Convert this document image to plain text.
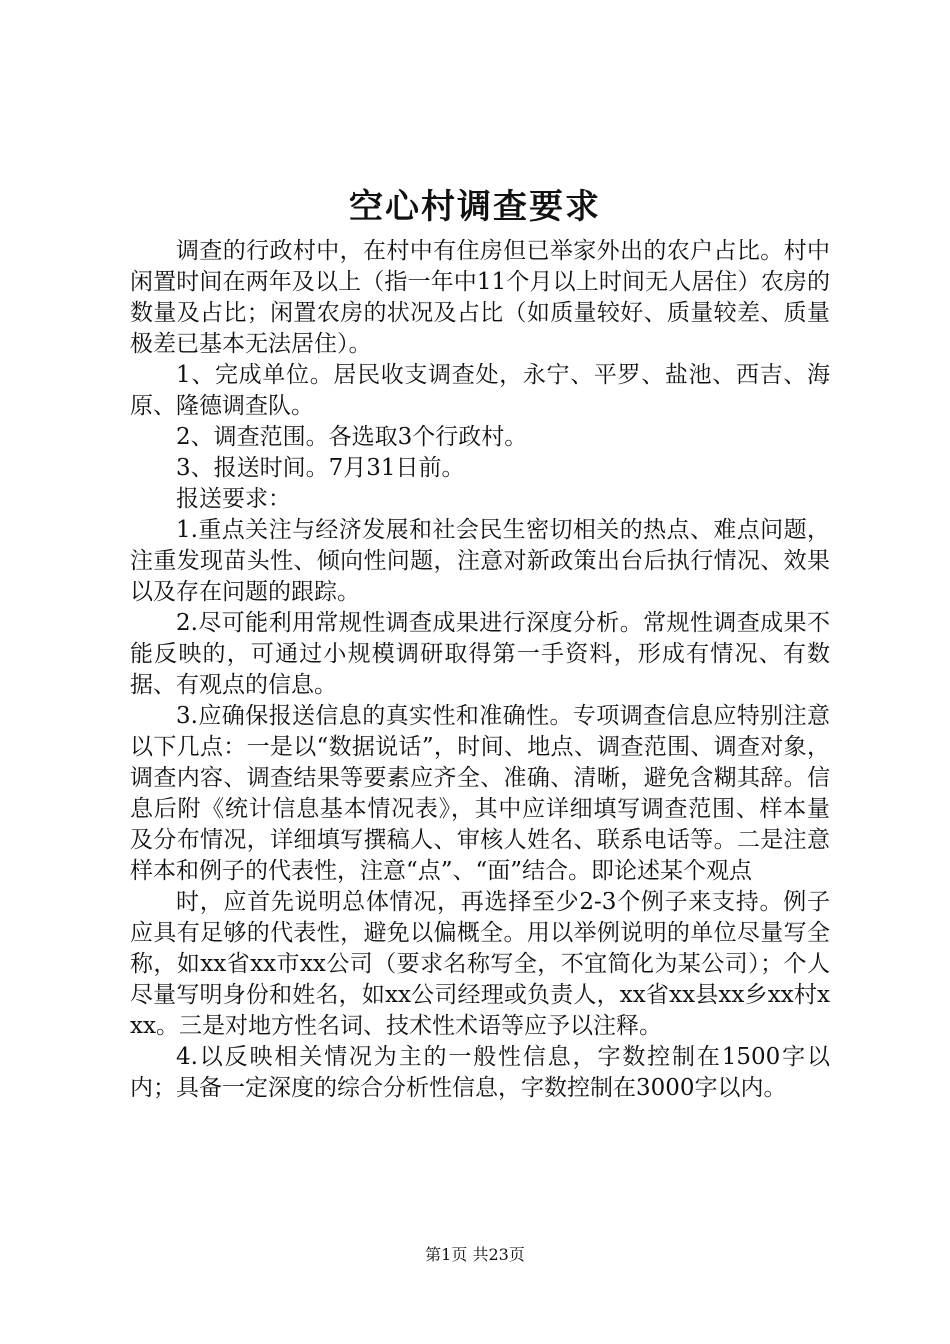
空心村调查要求

调查的行政村中，在村中有住房但已举家外出的农户占比。村中闲置时间在两年及以上（指一年中11个月以上时间无人居住）农房的数量及占比；闲置农房的状况及占比（如质量较好、质量较差、质量极差已基本无法居住）。

1、完成单位。居民收支调查处，永宁、平罗、盐池、西吉、海原、隆德调查队。

2、调查范围。各选取3个行政村。

3、报送时间。7月31日前。

报送要求：

1.重点关注与经济发展和社会民生密切相关的热点、难点问题，注重发现苗头性、倾向性问题，注意对新政策出台后执行情况、效果以及存在问题的跟踪。

2.尽可能利用常规性调查成果进行深度分析。常规性调查成果不能反映的，可通过小规模调研取得第一手资料，形成有情况、有数据、有观点的信息。

3.应确保报送信息的真实性和准确性。专项调查信息应特别注意以下几点：一是以“数据说话”，时间、地点、调查范围、调查对象，调查内容、调查结果等要素应齐全、准确、清晰，避免含糊其辞。信息后附《统计信息基本情况表》，其中应详细填写调查范围、样本量及分布情况，详细填写撰稿人、审核人姓名、联系电话等。二是注意样本和例子的代表性，注意“点”、“面”结合。即论述某个观点

时，应首先说明总体情况，再选择至少2-3个例子来支持。例子应具有足够的代表性，避免以偏概全。用以举例说明的单位尽量写全称，如xx省xx市xx公司（要求名称写全，不宜简化为某公司）；个人尽量写明身份和姓名，如xx公司经理或负责人，xx省xx县xx乡xx村xxx。三是对地方性名词、技术性术语等应予以注释。

4.以反映相关情况为主的一般性信息，字数控制在1500字以内；具备一定深度的综合分析性信息，字数控制在3000字以内。

第1页 共23页
